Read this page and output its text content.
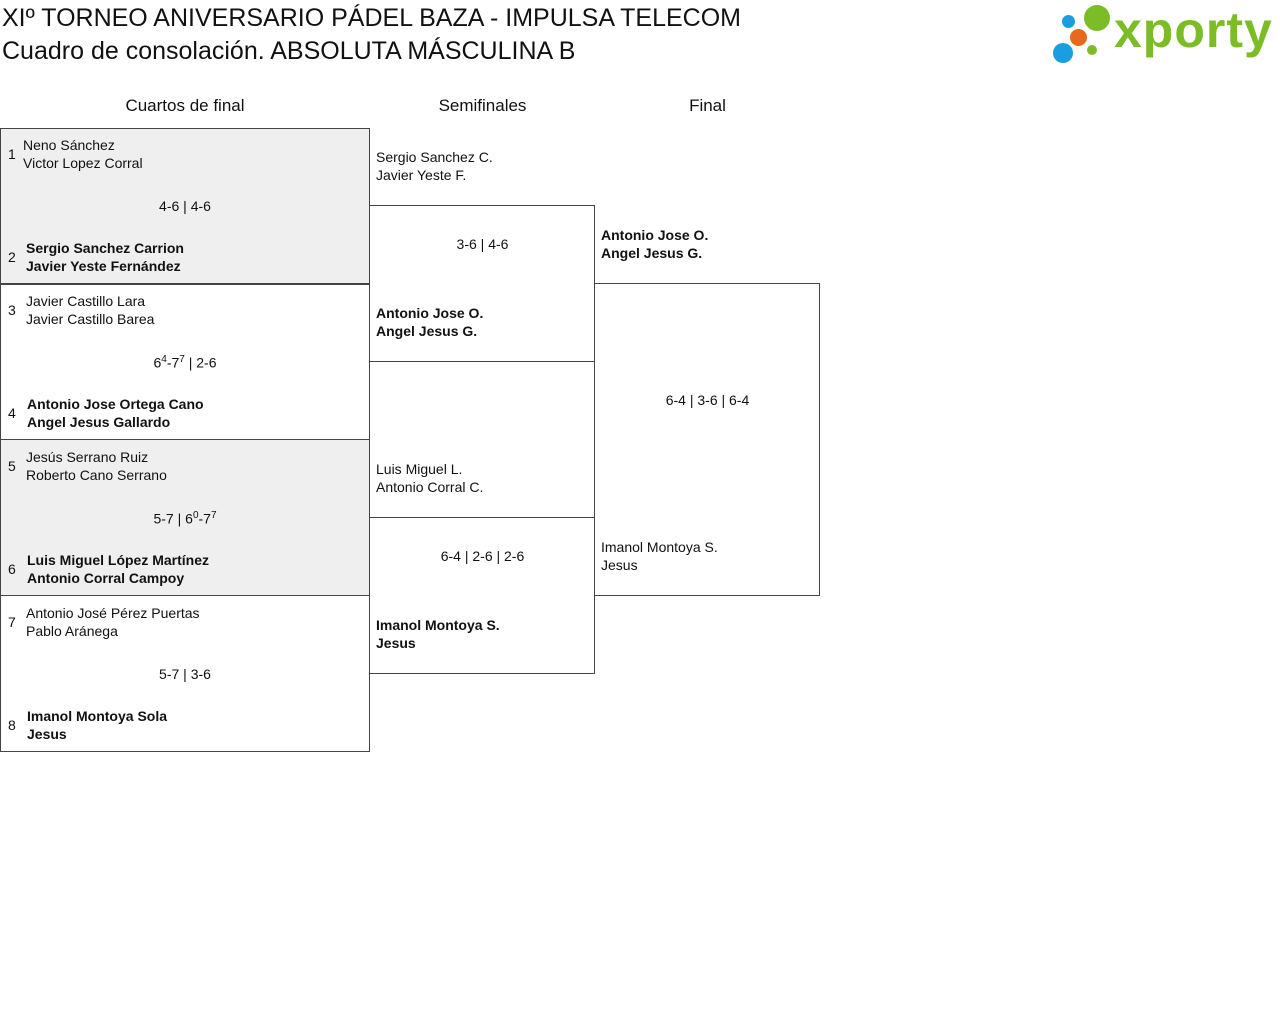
XIº TORNEO ANIVERSARIO PÁDEL BAZA - IMPULSA TELECOM
Cuadro de consolación. ABSOLUTA MÁSCULINA B	xporty
Cuartos de final	Semifinales	Final
1
Neno Sánchez
Victor Lopez Corral
4-6 | 4-6
2
Sergio Sanchez Carrion
Javier Yeste Fernández
3
Javier Castillo Lara
Javier Castillo Barea
$6^4-7^7$ | 2-6
4
Antonio Jose Ortega Cano
Angel Jesus Gallardo
5
Jesús Serrano Ruiz
Roberto Cano Serrano
5-7 | $6^0-7^7$
6
Luis Miguel López Martínez
Antonio Corral Campoy
7
Antonio José Pérez Puertas
Pablo Aránega
5-7 | 3-6
8
Imanol Montoya Sola
Jesus
Sergio Sanchez C.
Javier Yeste F.
3-6 | 4-6
Antonio Jose O.
Angel Jesus G.
Luis Miguel L.
Antonio Corral C.
6-4 | 2-6 | 2-6
Imanol Montoya S.
Jesus
Antonio Jose O.
Angel Jesus G.
6-4 | 3-6 | 6-4
Imanol Montoya S.
Jesus
